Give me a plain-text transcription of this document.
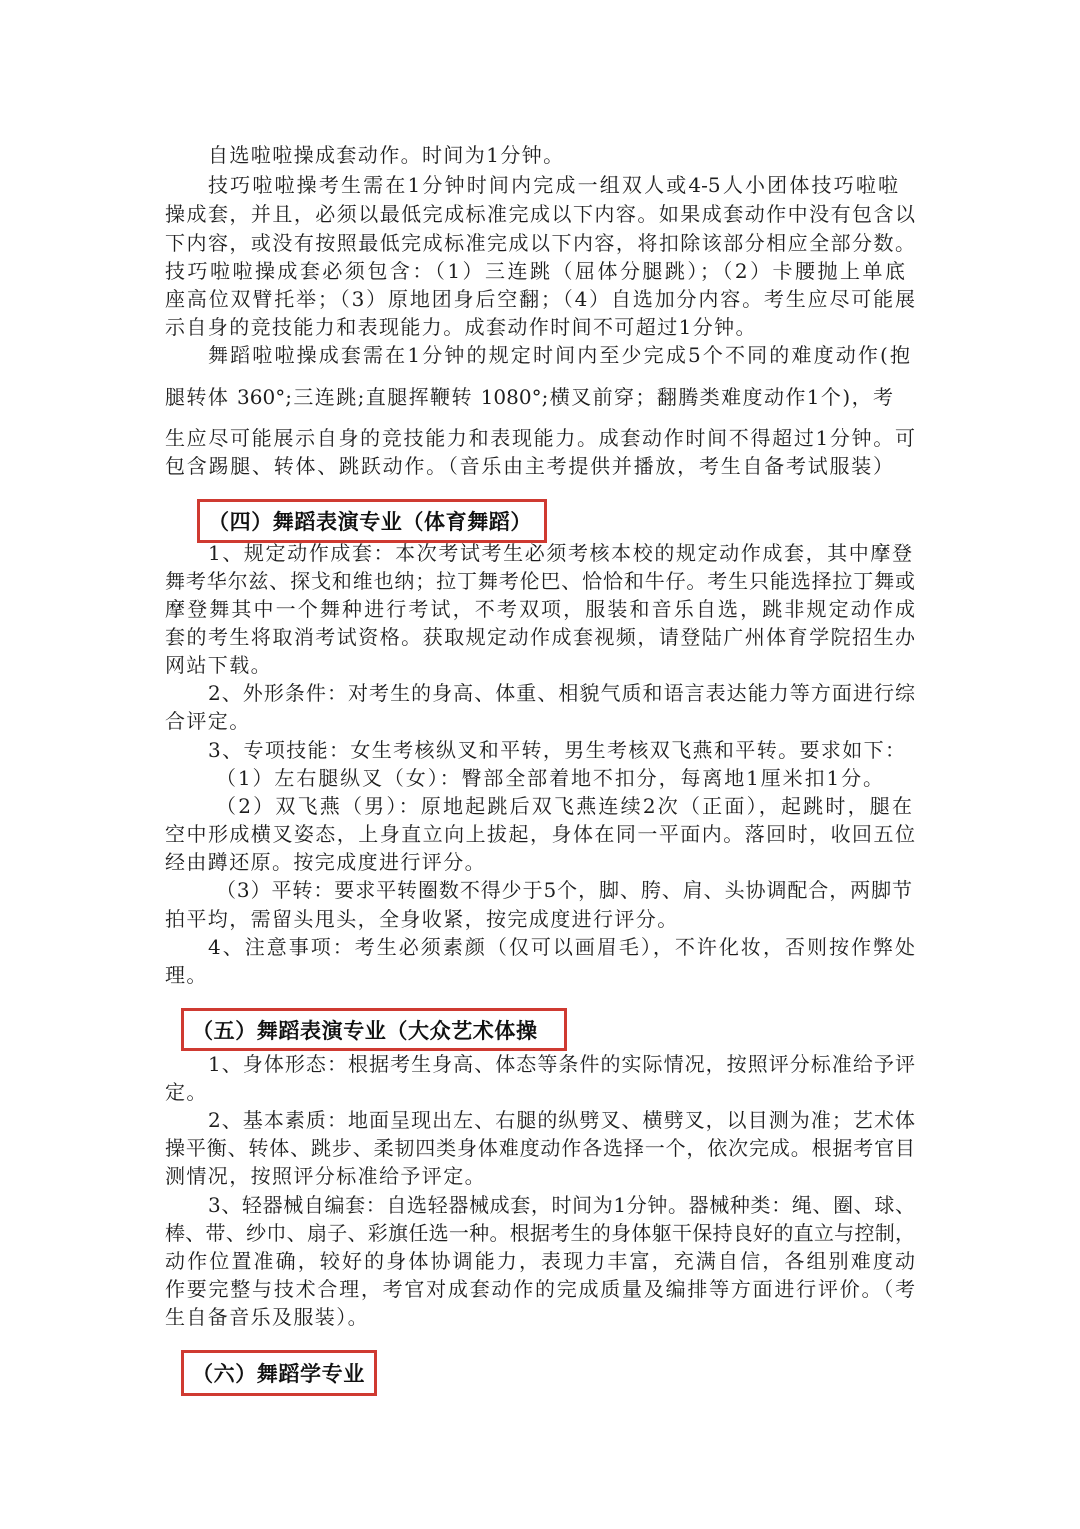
自选啦啦操成套动作。时间为1分钟。
技巧啦啦操考生需在1分钟时间内完成一组双人或4-5人小团体技巧啦啦
操成套，并且，必须以最低完成标准完成以下内容。如果成套动作中没有包含以
下内容，或没有按照最低完成标准完成以下内容，将扣除该部分相应全部分数。
技巧啦啦操成套必须包含：（1）三连跳（屈体分腿跳）；（2）卡腰抛上单底
座高位双臂托举；（3）原地团身后空翻；（4）自选加分内容。考生应尽可能展
示自身的竞技能力和表现能力。成套动作时间不可超过1分钟。
舞蹈啦啦操成套需在1分钟的规定时间内至少完成5个不同的难度动作(抱
腿转体 360°;三连跳;直腿挥鞭转 1080°;横叉前穿；翻腾类难度动作1个)，考
生应尽可能展示自身的竞技能力和表现能力。成套动作时间不得超过1分钟。可
包含踢腿、转体、跳跃动作。（音乐由主考提供并播放，考生自备考试服装）
（四）舞蹈表演专业（体育舞蹈）
1、规定动作成套：本次考试考生必须考核本校的规定动作成套，其中摩登
舞考华尔兹、探戈和维也纳；拉丁舞考伦巴、恰恰和牛仔。考生只能选择拉丁舞或
摩登舞其中一个舞种进行考试，不考双项，服装和音乐自选，跳非规定动作成
套的考生将取消考试资格。获取规定动作成套视频，请登陆广州体育学院招生办
网站下载。
2、外形条件：对考生的身高、体重、相貌气质和语言表达能力等方面进行综
合评定。
3、专项技能：女生考核纵叉和平转，男生考核双飞燕和平转。要求如下：
（1）左右腿纵叉（女）：臀部全部着地不扣分，每离地1厘米扣1分。
（2）双飞燕（男）：原地起跳后双飞燕连续2次（正面），起跳时，腿在
空中形成横叉姿态，上身直立向上拔起，身体在同一平面内。落回时，收回五位
经由蹲还原。按完成度进行评分。
（3）平转：要求平转圈数不得少于5个，脚、胯、肩、头协调配合，两脚节
拍平均，需留头甩头，全身收紧，按完成度进行评分。
4、注意事项：考生必须素颜（仅可以画眉毛），不许化妆，否则按作弊处
理。
（五）舞蹈表演专业（大众艺术体操
1、身体形态：根据考生身高、体态等条件的实际情况，按照评分标准给予评
定。
2、基本素质：地面呈现出左、右腿的纵劈叉、横劈叉，以目测为准；艺术体
操平衡、转体、跳步、柔韧四类身体难度动作各选择一个，依次完成。根据考官目
测情况，按照评分标准给予评定。
3、轻器械自编套：自选轻器械成套，时间为1分钟。器械种类：绳、圈、球、
棒、带、纱巾、扇子、彩旗任选一种。根据考生的身体躯干保持良好的直立与控制，
动作位置准确，较好的身体协调能力，表现力丰富，充满自信，各组别难度动
作要完整与技术合理，考官对成套动作的完成质量及编排等方面进行评价。（考
生自备音乐及服装）。
（六）舞蹈学专业
